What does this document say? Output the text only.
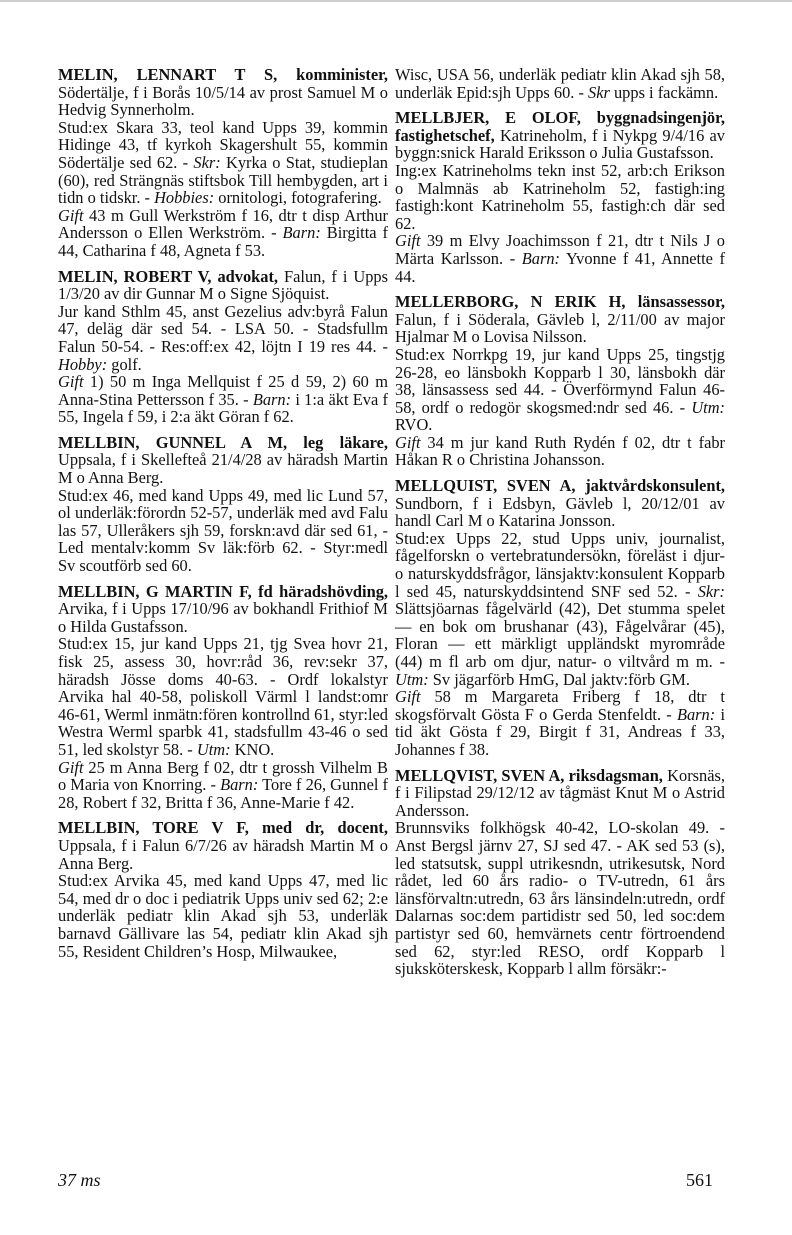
MELIN, LENNART T S, komminister, Södertälje, f i Borås 10/5/14 av prost Samuel M o Hedvig Synnerholm.

Stud:ex Skara 33, teol kand Upps 39, kommin Hidinge 43, tf kyrkoh Skagershult 55, kommin Södertälje sed 62. - Skr: Kyrka o Stat, studieplan (60), red Strängnäs stiftsbok Till hembygden, art i tidn o tidskr. - Hobbies: ornitologi, fotografering.

Gift 43 m Gull Werkström f 16, dtr t disp Arthur Andersson o Ellen Werkström. - Barn: Birgitta f 44, Catharina f 48, Agneta f 53.

MELIN, ROBERT V, advokat, Falun, f i Upps 1/3/20 av dir Gunnar M o Signe Sjöquist.

Jur kand Sthlm 45, anst Gezelius adv:byrå Falun 47, deläg där sed 54. - LSA 50. - Stadsfullm Falun 50-54. - Res:off:ex 42, löjtn I 19 res 44. - Hobby: golf.

Gift 1) 50 m Inga Mellquist f 25 d 59, 2) 60 m Anna-Stina Pettersson f 35. - Barn: i 1:a äkt Eva f 55, Ingela f 59, i 2:a äkt Göran f 62.

MELLBIN, GUNNEL A M, leg läkare, Uppsala, f i Skellefteå 21/4/28 av häradsh Martin M o Anna Berg.

Stud:ex 46, med kand Upps 49, med lic Lund 57, ol underläk:förordn 52-57, underläk med avd Falu las 57, Ulleråkers sjh 59, forskn:avd där sed 61, - Led mentalv:komm Sv läk:förb 62. - Styr:medl Sv scoutförb sed 60.

MELLBIN, G MARTIN F, fd häradshövding, Arvika, f i Upps 17/10/96 av bokhandl Frithiof M o Hilda Gustafsson.

Stud:ex 15, jur kand Upps 21, tjg Svea hovr 21, fisk 25, assess 30, hovr:råd 36, rev:sekr 37, häradsh Jösse doms 40-63. - Ordf lokalstyr Arvika hal 40-58, poliskoll Värml l landst:omr 46-61, Werml inmätn:fören kontrollnd 61, styr:led Westra Werml sparbk 41, stadsfullm 43-46 o sed 51, led skolstyr 58. - Utm: KNO.

Gift 25 m Anna Berg f 02, dtr t grossh Vilhelm B o Maria von Knorring. - Barn: Tore f 26, Gunnel f 28, Robert f 32, Britta f 36, Anne-Marie f 42.

MELLBIN, TORE V F, med dr, docent, Uppsala, f i Falun 6/7/26 av häradsh Martin M o Anna Berg.

Stud:ex Arvika 45, med kand Upps 47, med lic 54, med dr o doc i pediatrik Upps univ sed 62; 2:e underläk pediatr klin Akad sjh 53, underläk barnavd Gällivare las 54, pediatr klin Akad sjh 55, Resident Children’s Hosp, Milwaukee,

Wisc, USA 56, underläk pediatr klin Akad sjh 58, underläk Epid:sjh Upps 60. - Skr upps i fackämn.

MELLBJER, E OLOF, byggnadsingenjör, fastighetschef, Katrineholm, f i Nykpg 9/4/16 av byggn:snick Harald Eriksson o Julia Gustafsson.

Ing:ex Katrineholms tekn inst 52, arb:ch Erikson o Malmnäs ab Katrineholm 52, fastigh:ing fastigh:kont Katrineholm 55, fastigh:ch där sed 62.

Gift 39 m Elvy Joachimsson f 21, dtr t Nils J o Märta Karlsson. - Barn: Yvonne f 41, Annette f 44.

MELLERBORG, N ERIK H, länsassessor, Falun, f i Söderala, Gävleb l, 2/11/00 av major Hjalmar M o Lovisa Nilsson.

Stud:ex Norrkpg 19, jur kand Upps 25, tingstjg 26-28, eo länsbokh Kopparb l 30, länsbokh där 38, länsassess sed 44. - Överförmynd Falun 46-58, ordf o redogör skogsmed:ndr sed 46. - Utm: RVO.

Gift 34 m jur kand Ruth Rydén f 02, dtr t fabr Håkan R o Christina Johansson.

MELLQUIST, SVEN A, jaktvårdskonsulent, Sundborn, f i Edsbyn, Gävleb l, 20/12/01 av handl Carl M o Katarina Jonsson.

Stud:ex Upps 22, stud Upps univ, journalist, fågelforskn o vertebratundersökn, föreläst i djur- o naturskyddsfrågor, länsjaktv:konsulent Kopparb l sed 45, naturskyddsintend SNF sed 52. - Skr: Slättsjöarnas fågelvärld (42), Det stumma spelet — en bok om brushanar (43), Fågelvårar (45), Floran — ett märkligt uppländskt myrområde (44) m fl arb om djur, natur- o viltvård m m. - Utm: Sv jägarförb HmG, Dal jaktv:förb GM.

Gift 58 m Margareta Friberg f 18, dtr t skogsförvalt Gösta F o Gerda Stenfeldt. - Barn: i tid äkt Gösta f 29, Birgit f 31, Andreas f 33, Johannes f 38.

MELLQVIST, SVEN A, riksdagsman, Korsnäs, f i Filipstad 29/12/12 av tågmäst Knut M o Astrid Andersson.

Brunnsviks folkhögsk 40-42, LO-skolan 49. - Anst Bergsl järnv 27, SJ sed 47. - AK sed 53 (s), led statsutsk, suppl utrikesndn, utrikesutsk, Nord rådet, led 60 års radio- o TV-utredn, 61 års länsförvaltn:utredn, 63 års länsindeln:utredn, ordf Dalarnas soc:dem partidistr sed 50, led soc:dem partistyr sed 60, hemvärnets centr förtroendend sed 62, styr:led RESO, ordf Kopparb l sjuksköterskesk, Kopparb l allm försäkr:-

37 ms	561
